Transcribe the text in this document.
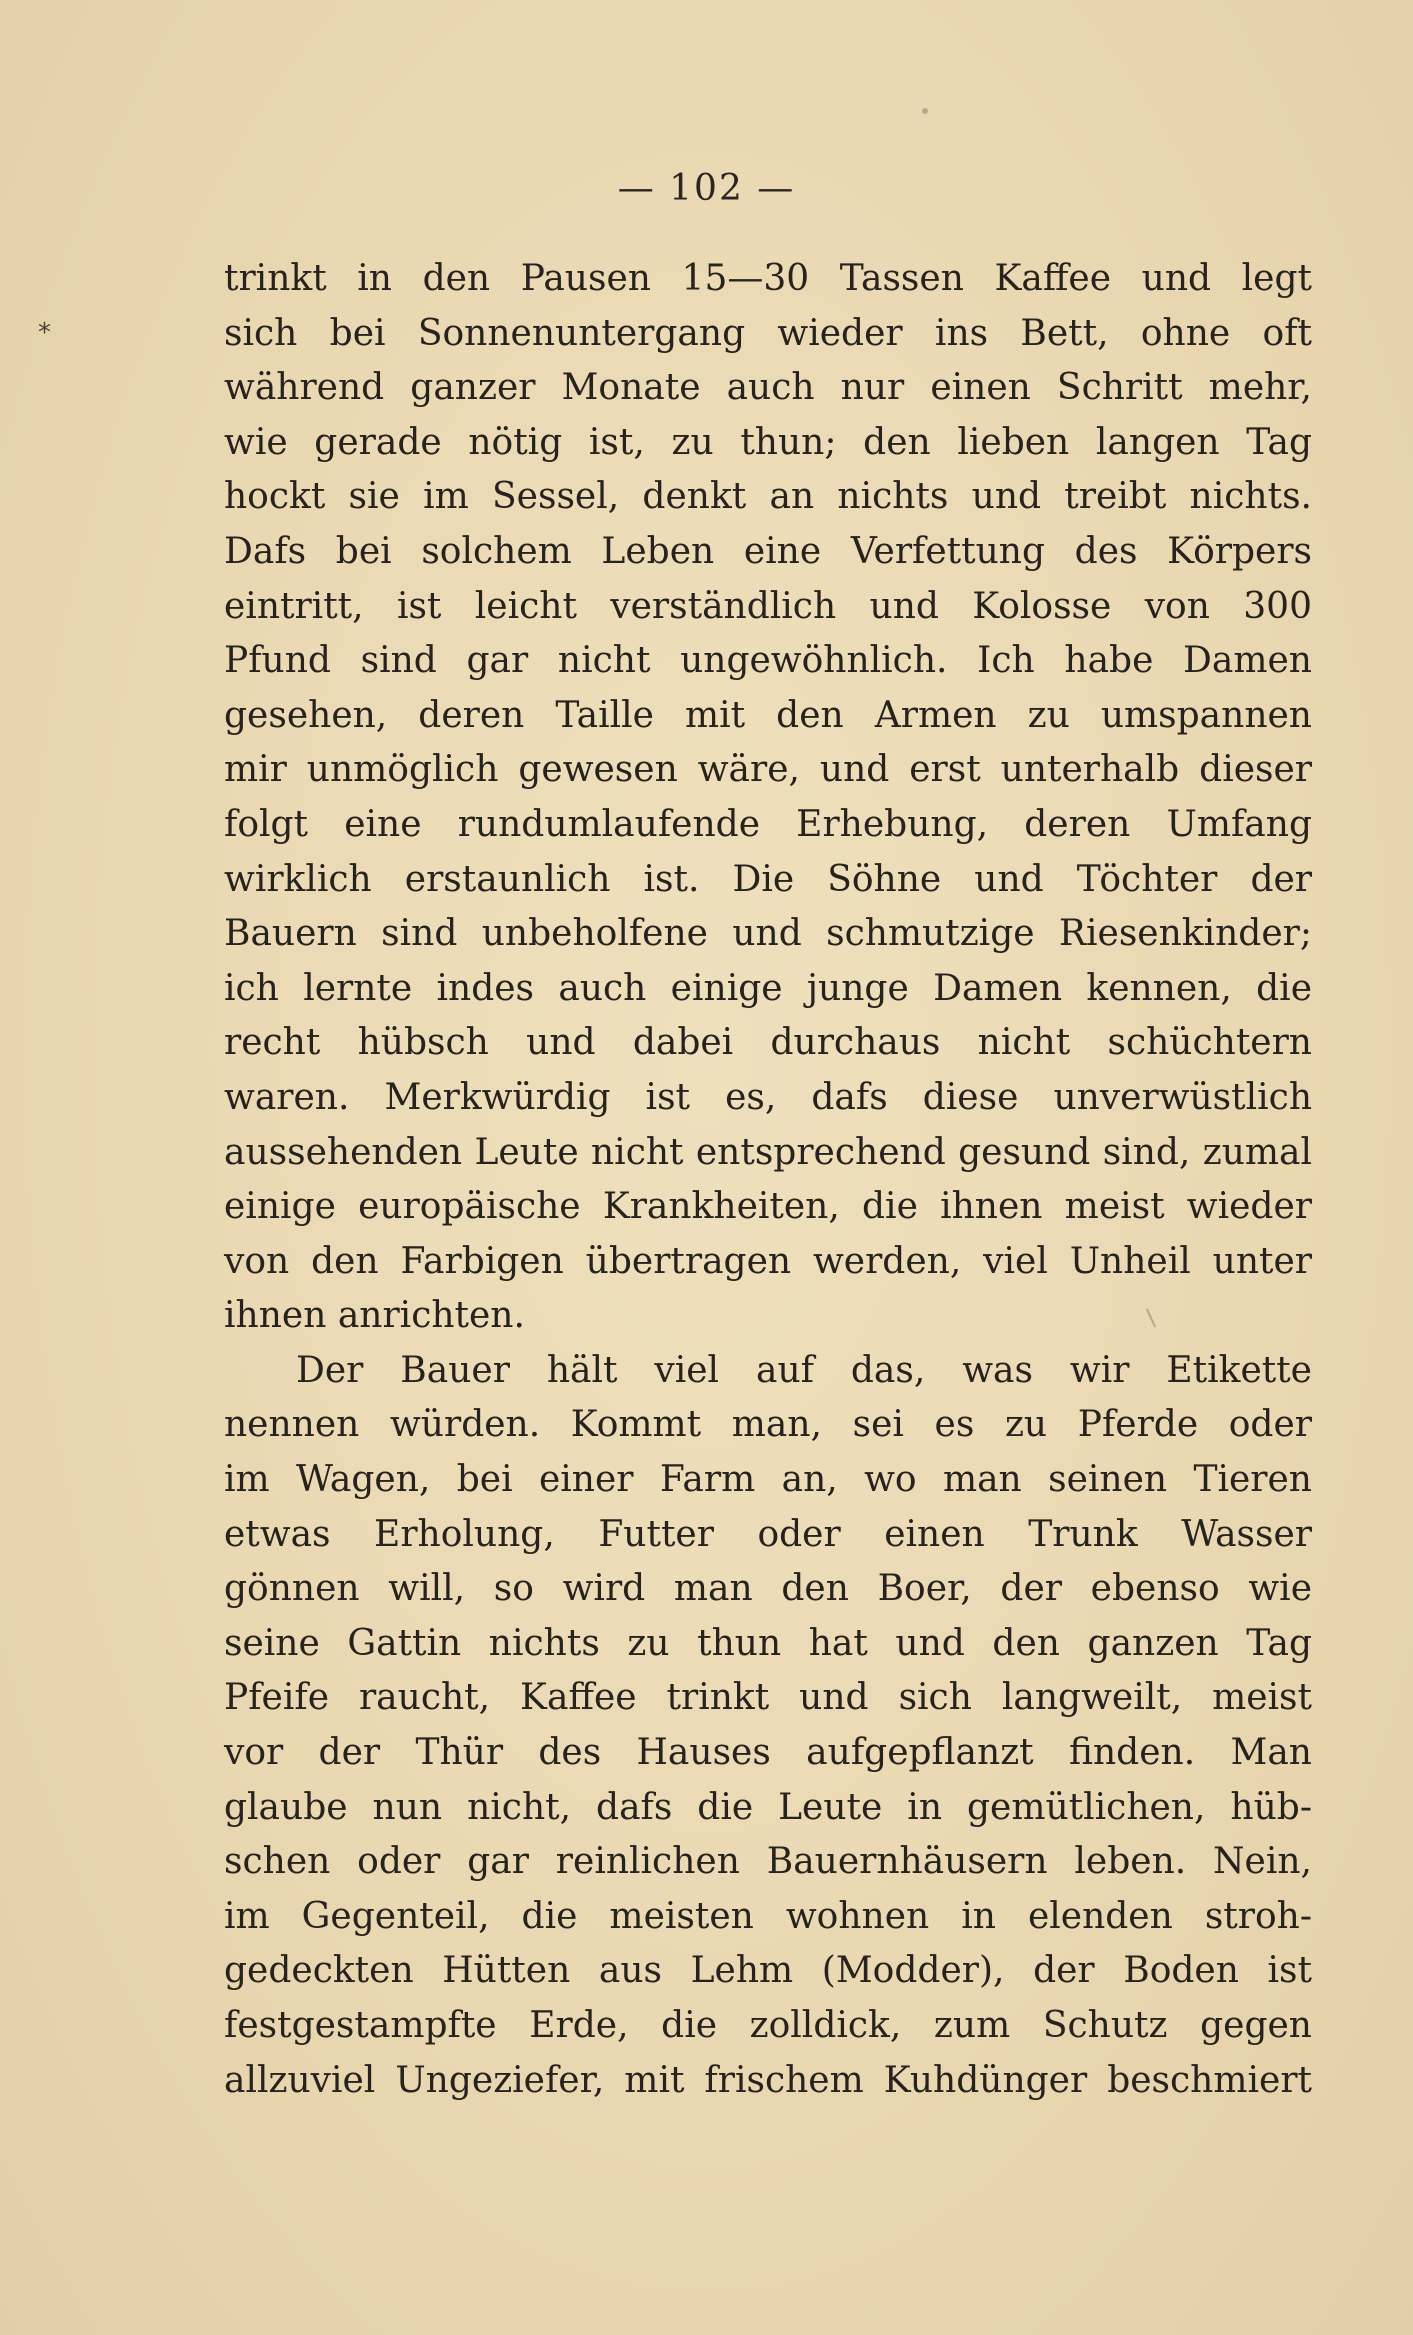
— 102 —
*
trinkt in den Pausen 15—30 Tassen Kaffee und legt
sich bei Sonnenuntergang wieder ins Bett, ohne oft
während ganzer Monate auch nur einen Schritt mehr,
wie gerade nötig ist, zu thun; den lieben langen Tag
hockt sie im Sessel, denkt an nichts und treibt nichts.
Dafs bei solchem Leben eine Verfettung des Körpers
eintritt, ist leicht verständlich und Kolosse von 300
Pfund sind gar nicht ungewöhnlich. Ich habe Damen
gesehen, deren Taille mit den Armen zu umspannen
mir unmöglich gewesen wäre, und erst unterhalb dieser
folgt eine rundumlaufende Erhebung, deren Umfang
wirklich erstaunlich ist. Die Söhne und Töchter der
Bauern sind unbeholfene und schmutzige Riesenkinder;
ich lernte indes auch einige junge Damen kennen, die
recht hübsch und dabei durchaus nicht schüchtern
waren. Merkwürdig ist es, dafs diese unverwüstlich
aussehenden Leute nicht entsprechend gesund sind, zumal
einige europäische Krankheiten, die ihnen meist wieder
von den Farbigen übertragen werden, viel Unheil unter
ihnen anrichten.
Der Bauer hält viel auf das, was wir Etikette
nennen würden. Kommt man, sei es zu Pferde oder
im Wagen, bei einer Farm an, wo man seinen Tieren
etwas Erholung, Futter oder einen Trunk Wasser
gönnen will, so wird man den Boer, der ebenso wie
seine Gattin nichts zu thun hat und den ganzen Tag
Pfeife raucht, Kaffee trinkt und sich langweilt, meist
vor der Thür des Hauses aufgepflanzt finden. Man
glaube nun nicht, dafs die Leute in gemütlichen, hüb-
schen oder gar reinlichen Bauernhäusern leben. Nein,
im Gegenteil, die meisten wohnen in elenden stroh-
gedeckten Hütten aus Lehm (Modder), der Boden ist
festgestampfte Erde, die zolldick, zum Schutz gegen
allzuviel Ungeziefer, mit frischem Kuhdünger beschmiert
